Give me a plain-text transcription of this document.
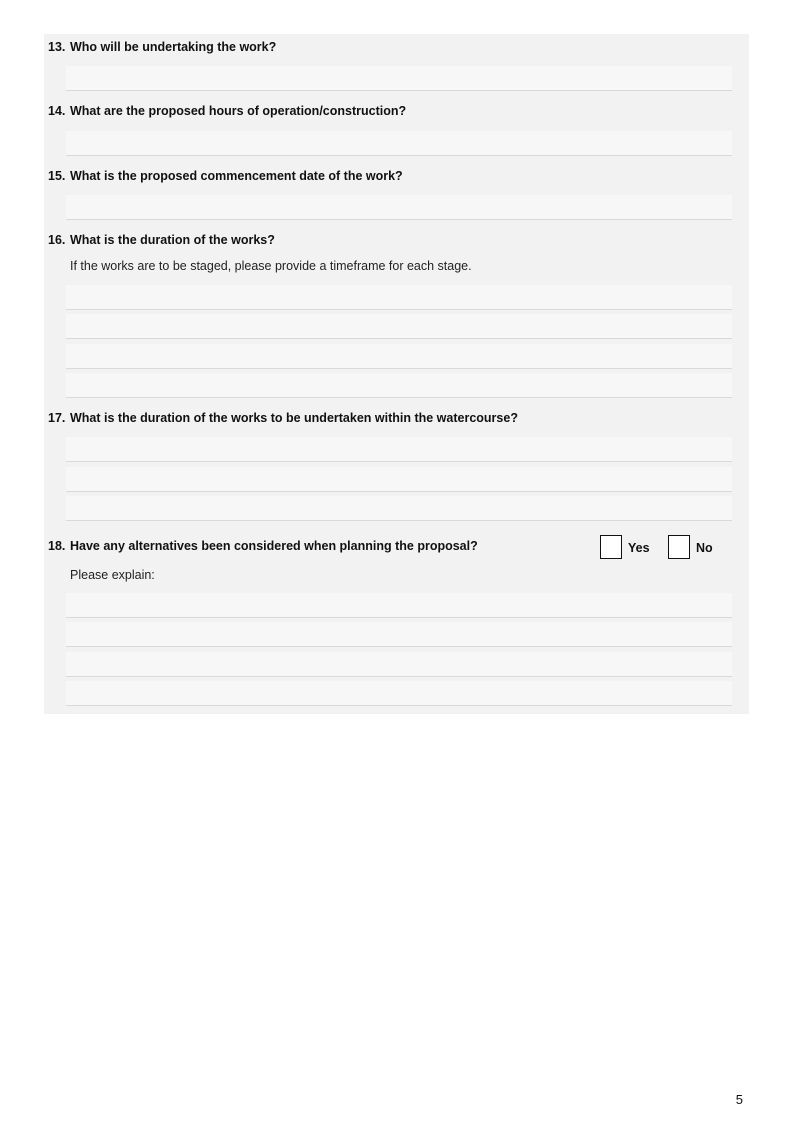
13. Who will be undertaking the work?
14. What are the proposed hours of operation/construction?
15. What is the proposed commencement date of the work?
16. What is the duration of the works?
If the works are to be staged, please provide a timeframe for each stage.
17. What is the duration of the works to be undertaken within the watercourse?
18. Have any alternatives been considered when planning the proposal?	Yes	No
Please explain:
5
